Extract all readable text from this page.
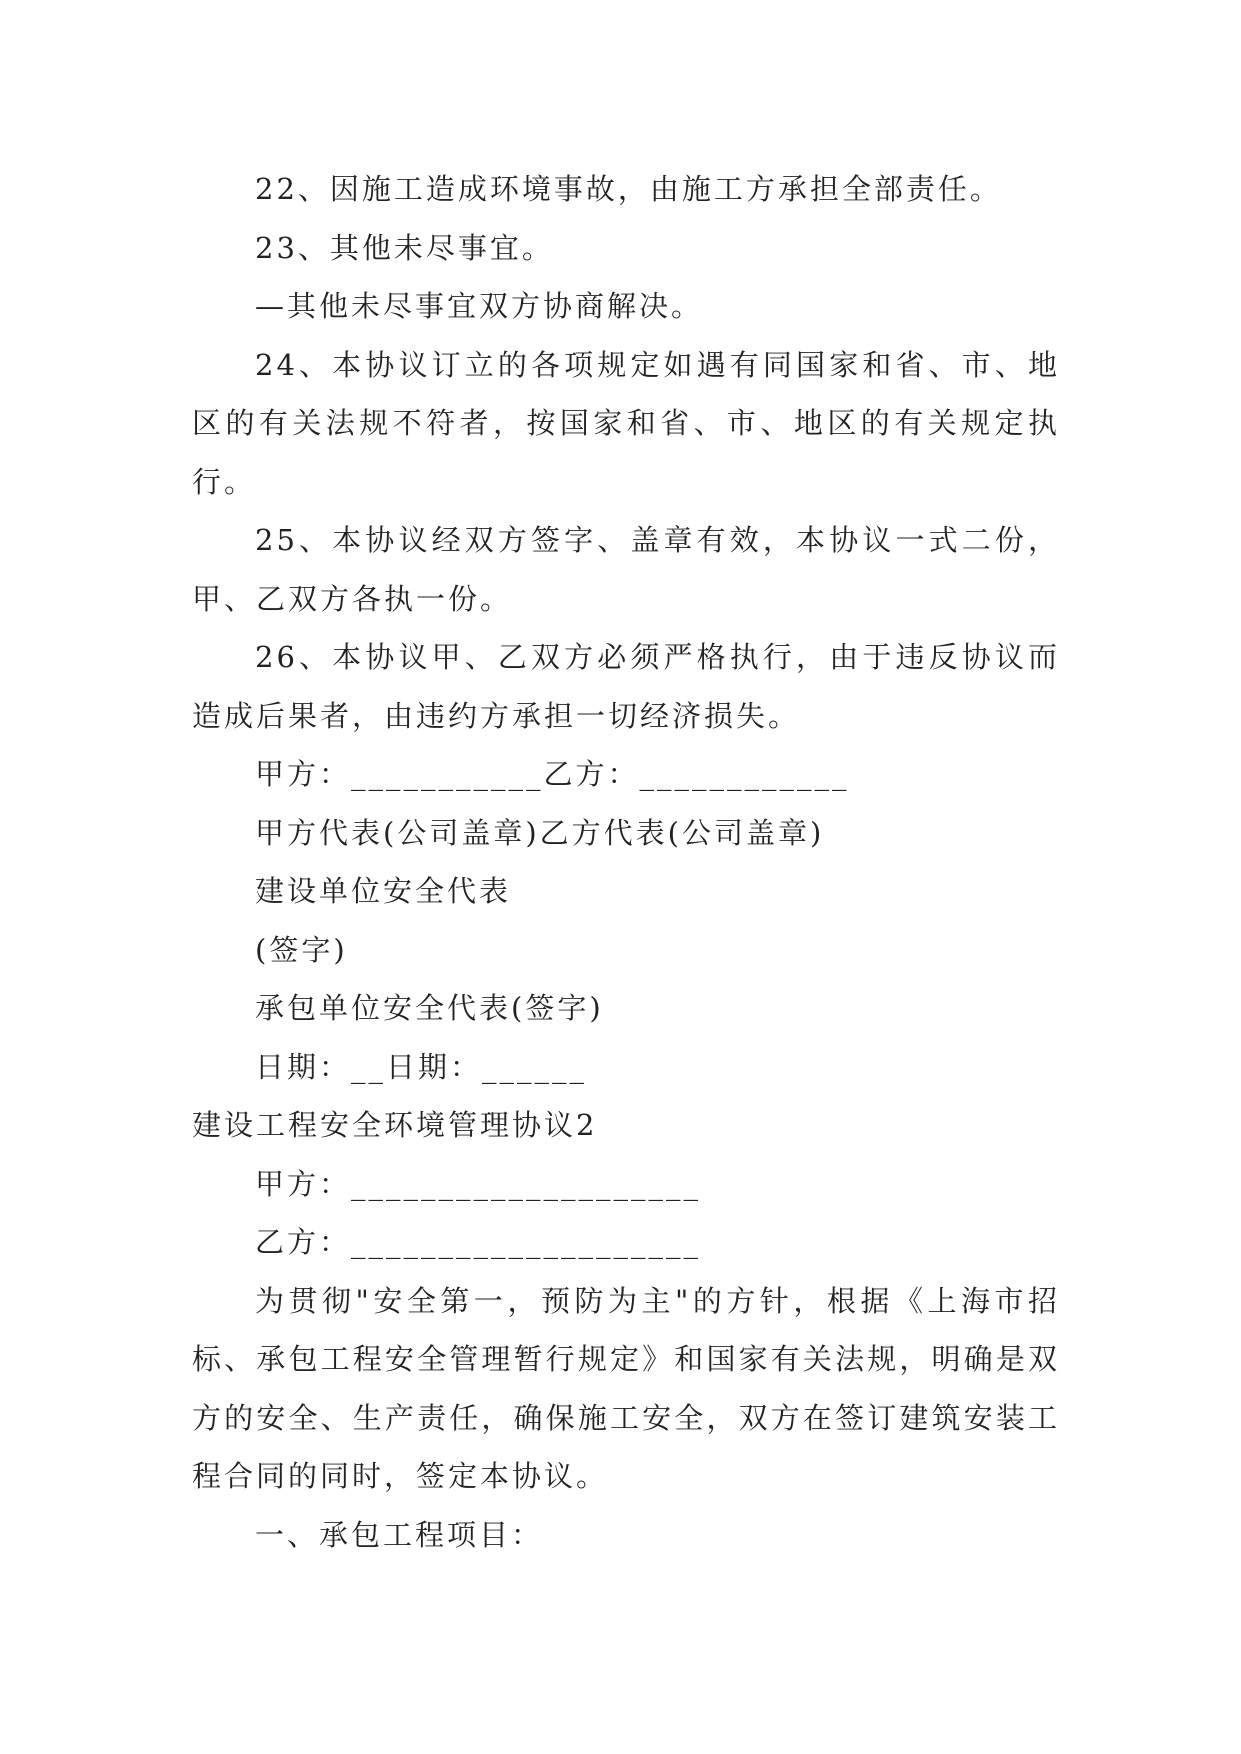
22、因施工造成环境事故，由施工方承担全部责任。

23、其他未尽事宜。

—其他未尽事宜双方协商解决。

24、本协议订立的各项规定如遇有同国家和省、市、地区的有关法规不符者，按国家和省、市、地区的有关规定执行。

25、本协议经双方签字、盖章有效，本协议一式二份，甲、乙双方各执一份。

26、本协议甲、乙双方必须严格执行，由于违反协议而造成后果者，由违约方承担一切经济损失。

甲方：___________乙方：____________

甲方代表(公司盖章)乙方代表(公司盖章)

建设单位安全代表

(签字)

承包单位安全代表(签字)

日期：__日期：______

建设工程安全环境管理协议2

甲方：____________________

乙方：____________________

为贯彻"安全第一，预防为主"的方针，根据《上海市招标、承包工程安全管理暂行规定》和国家有关法规，明确是双方的安全、生产责任，确保施工安全，双方在签订建筑安装工程合同的同时，签定本协议。

一、承包工程项目：
